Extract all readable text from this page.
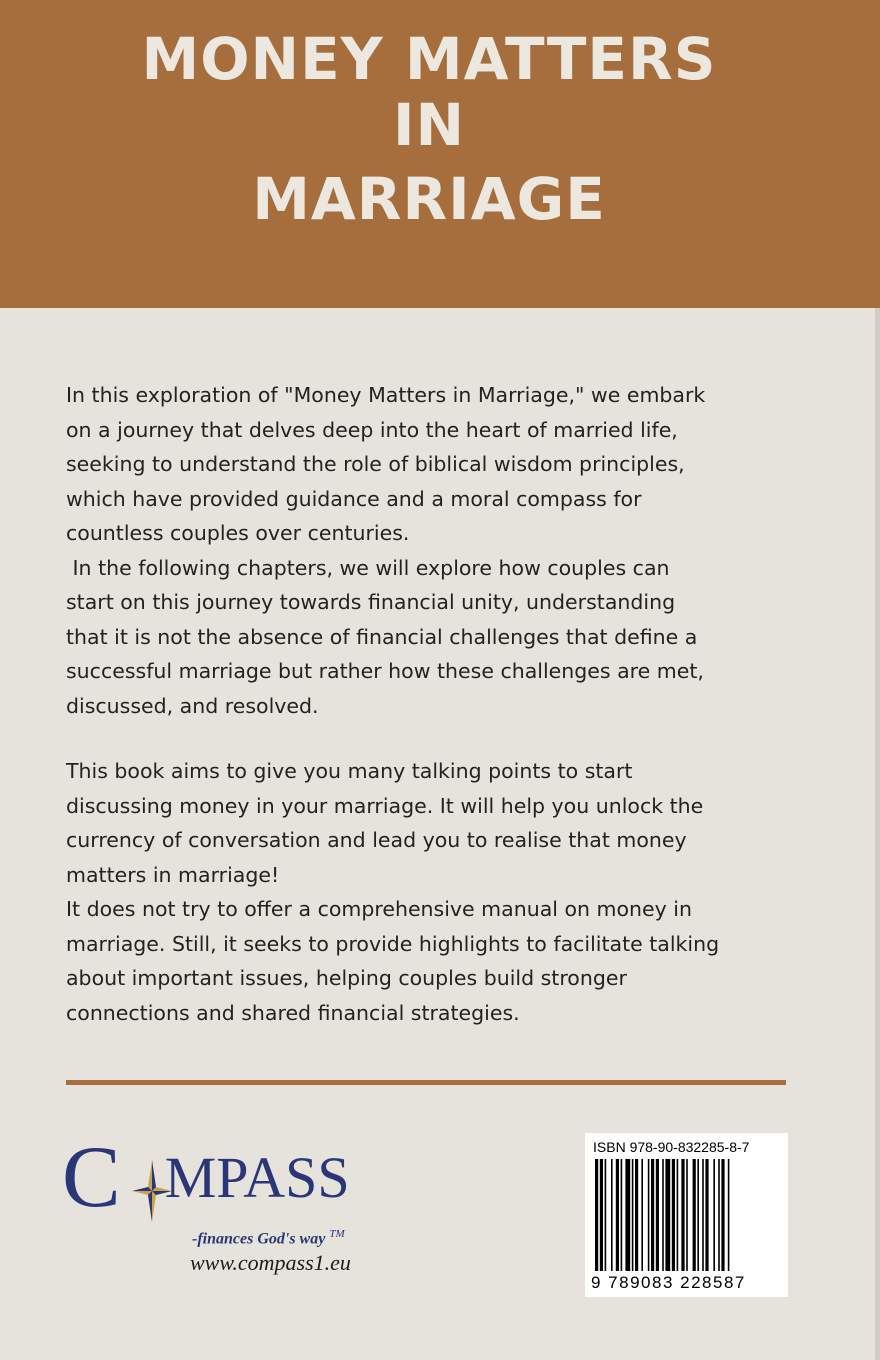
MONEY MATTERS
IN
MARRIAGE
In this exploration of "Money Matters in Marriage," we embark
on a journey that delves deep into the heart of married life,
seeking to understand the role of biblical wisdom principles,
which have provided guidance and a moral compass for
countless couples over centuries.
In the following chapters, we will explore how couples can
start on this journey towards financial unity, understanding
that it is not the absence of financial challenges that define a
successful marriage but rather how these challenges are met,
discussed, and resolved.
This book aims to give you many talking points to start
discussing money in your marriage. It will help you unlock the
currency of conversation and lead you to realise that money
matters in marriage!
It does not try to offer a comprehensive manual on money in
marriage. Still, it seeks to provide highlights to facilitate talking
about important issues, helping couples build stronger
connections and shared financial strategies.
CMPASS
-finances God's way ™
www.compass1.eu
ISBN 978-90-832285-8-7
9 789083 228587
